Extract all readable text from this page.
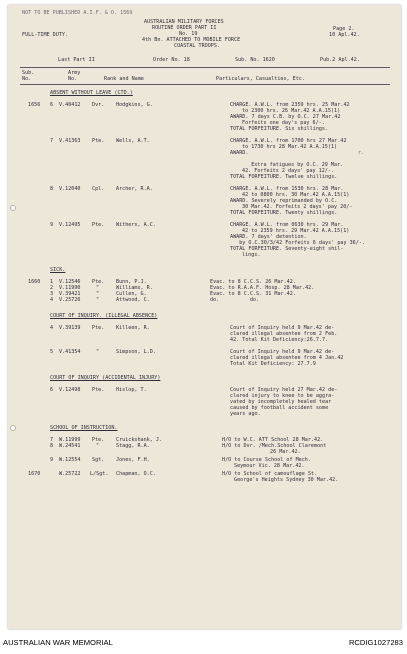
NOT TO BE PUBLISHED A.I.F. & O. 1569
AUSTRALIAN MILITARY FORCES
ROUTINE ORDER PART II
No. 19
4th Bn. ATTACHED TO MOBILE FORCE
COASTAL TROOPS.
FULL-TIME DUTY.
Page 2.
10 Apl.42.
Last Part II	Order No. 18	Sub. No. 1620	Pub.2 Apl.42.
Sub.
No.
Army
No.	Rank and Name	Particulars, Casualties, Etc.
ABSENT WITHOUT LEAVE (CTD.)
1656 6 V.40412 Dvr. Hodgkins, G.	CHARGE. A.W.L. from 2359 hrs. 25 Mar.42
to 2300 hrs. 26 Mar.42 A.A.15(1)
AWARD. 7 days C.B. by O.C. 27 Mar.42
Forfeits one day's pay 6/-.
TOTAL FORFEITURE. Six shillings.
7 V.41363 Pte. Wells, A.T.	CHARGE. A.W.L. from 1700 hrs 27 Mar.42
to 1730 hrs 28 Mar.42 A.A.15(1)
AWARD.	r.
Extra fatigues by O.C. 29 Mar.
42. Forfeits 2 days' pay 12/-.
TOTAL FORFEITURE. Twelve shillings.
8 V.12040 Cpl. Archer, R.A.	CHARGE. A.W.L. from 1530 hrs. 28 Mar.
42 to 0800 hrs. 30 Mar.42 A.A.15(1)
AWARD. Severely reprimanded by O.C.
30 Mar.42. Forfeits 2 days' pay 20/-
TOTAL FORFEITURE. Twenty shillings.
9 V.12495 Pte. Withers, A.C.	CHARGE. A.W.L. from 0630 hrs. 29 Mar.
42 to 2359 hrs. 29 Mar.42 A.A.15(1)
AWARD. 7 days' detention.
by O.C.30/3/42 Forfeits 6 days' pay 36/-.
TOTAL FORFEITURE. Seventy-eight shil-
lings.
SICK.
1660 1 V.12546 Pte. Bunn, P.J.	Evac. to 8 C.C.S. 26 Mar.42.
2 V.11990	"	Williams, R.	Evac. to R.A.A.F. Hosp. 28 Mar.42.
3 V.39421	"	Cullen, G.	Evac. to 8 C.C.S. 31 Mar.42.
4 V.25726	"	Attwood, C.	do.          do.
COURT OF INQUIRY. (ILLEGAL ABSENCE)
4 V.39139 Pte. Killeen, R.	Court of Inquiry held 9 Mar.42 de-
clared illegal absentee from 2 Feb.
42. Total Kit Deficiency:26.7.7.
5 V.41354	"	Simpson, L.D.	Court of Inquiry held 9 Mar.42 de-
clared illegal absentee from 4 Jan.42
Total Kit Deficiency: 27.7.9
COURT OF INQUIRY (ACCIDENTAL INJURY)
6 V.12498 Pte. Hislop, T.	Court of Inquiry held 27 Mar.42 de-
clared injury to knee to be aggra-
vated by incompletely healed tear
caused by football accident some
years ago.
SCHOOL OF INSTRUCTION.
7 W.11999 Pte. Cruickshank, J.	H/O to W.C. ATT School 28 Mar.42.
8 W.24541	"	Stagg, R.A.	H/O to Dvr. /Mech.School Claremont
26 Mar.42.
9 W.12554 Sgt. Jones, F.H.	H/O to Course School of Mech.
Seymour Vic. 28 Mar.42.
1670	W.25722 L/Sgt. Chapman, O.C.	H/O to School of camouflage St.
George's Heights Sydney 30 Mar.42.
AUSTRALIAN WAR MEMORIAL	RCDIG1027283
